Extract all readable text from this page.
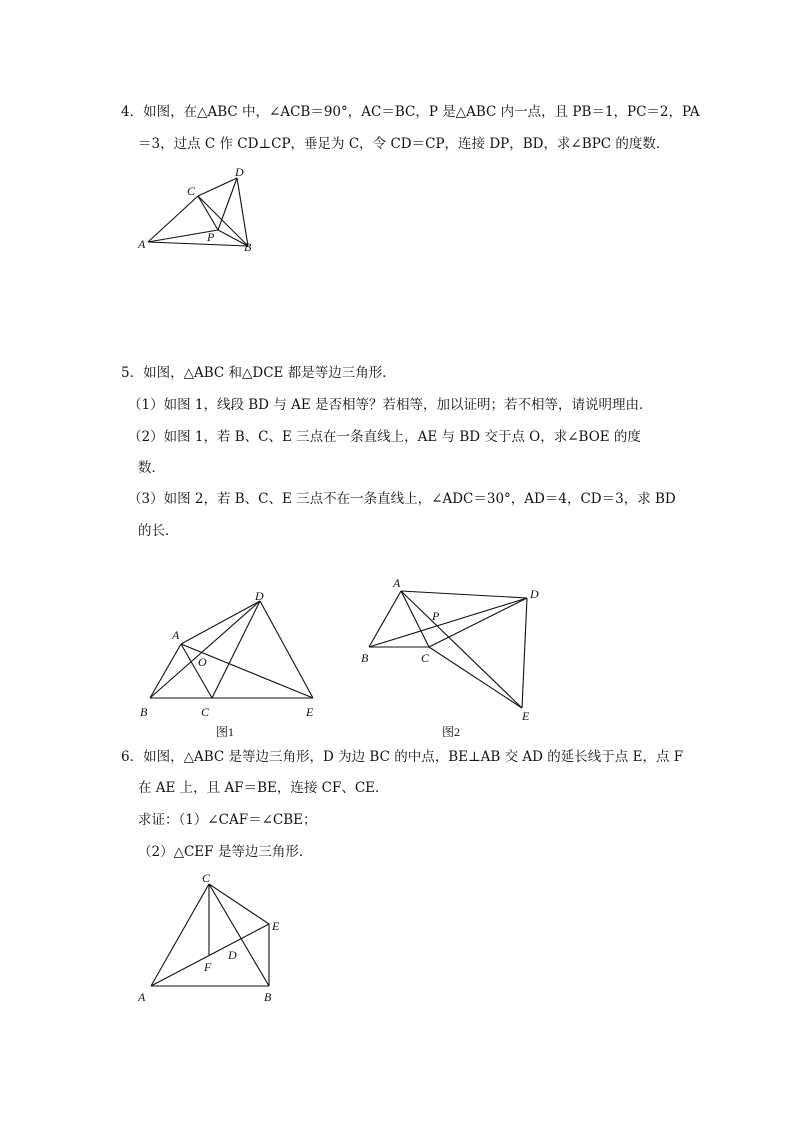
4．如图，在△ABC 中，∠ACB＝90°，AC＝BC，P 是△ABC 内一点，且 PB＝1，PC＝2，PA
＝3，过点 C 作 CD⊥CP，垂足为 C，令 CD＝CP，连接 DP，BD，求∠BPC 的度数．
A
C
D
P
B
5．如图，△ABC 和△DCE 都是等边三角形．
（1）如图 1，线段 BD 与 AE 是否相等？若相等，加以证明；若不相等，请说明理由．
（2）如图 1，若 B、C、E 三点在一条直线上，AE 与 BD 交于点 O，求∠BOE 的度
数．
（3）如图 2，若 B、C、E 三点不在一条直线上，∠ADC＝30°，AD＝4，CD＝3，求 BD
的长．
D
A
O
B	C	E
图1
A
D
P
B	C
E
图2
6．如图，△ABC 是等边三角形，D 为边 BC 的中点，BE⊥AB 交 AD 的延长线于点 E，点 F
在 AE 上，且 AF＝BE，连接 CF、CE．
求证：（1）∠CAF＝∠CBE；
（2）△CEF 是等边三角形．
C
E
D
F
A	B
